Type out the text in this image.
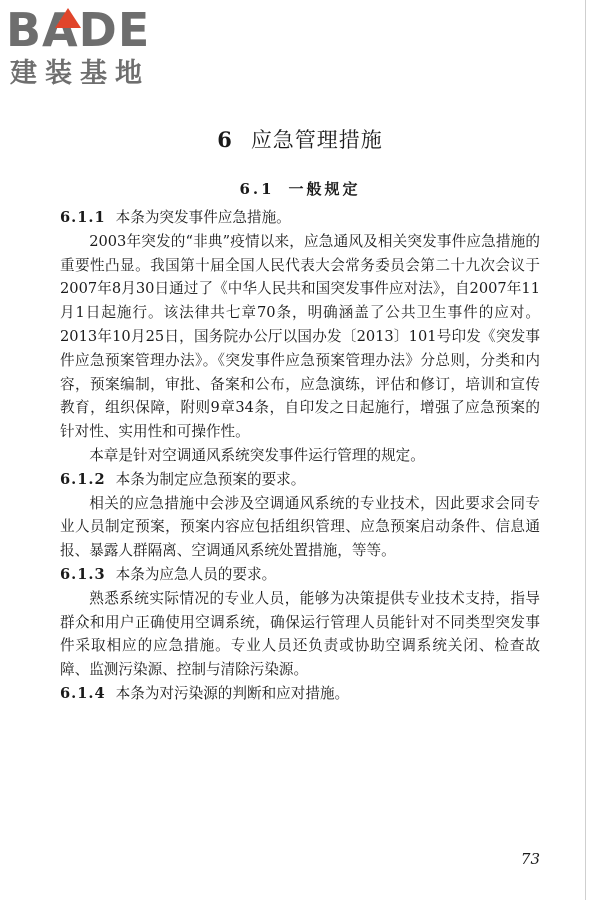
BADE
建装基地
6 应急管理措施
6.1 一般规定

6.1.1 本条为突发事件应急措施。

2003年突发的“非典”疫情以来，应急通风及相关突发事件应急措施的重要性凸显。我国第十届全国人民代表大会常务委员会第二十九次会议于2007年8月30日通过了《中华人民共和国突发事件应对法》，自2007年11月1日起施行。该法律共七章70条，明确涵盖了公共卫生事件的应对。2013年10月25日，国务院办公厅以国办发〔2013〕101号印发《突发事件应急预案管理办法》。《突发事件应急预案管理办法》分总则，分类和内容，预案编制，审批、备案和公布，应急演练，评估和修订，培训和宣传教育，组织保障，附则9章34条，自印发之日起施行，增强了应急预案的针对性、实用性和可操作性。

本章是针对空调通风系统突发事件运行管理的规定。

6.1.2 本条为制定应急预案的要求。

相关的应急措施中会涉及空调通风系统的专业技术，因此要求会同专业人员制定预案，预案内容应包括组织管理、应急预案启动条件、信息通报、暴露人群隔离、空调通风系统处置措施，等等。

6.1.3 本条为应急人员的要求。

熟悉系统实际情况的专业人员，能够为决策提供专业技术支持，指导群众和用户正确使用空调系统，确保运行管理人员能针对不同类型突发事件采取相应的应急措施。专业人员还负责或协助空调系统关闭、检查故障、监测污染源、控制与清除污染源。

6.1.4 本条为对污染源的判断和应对措施。

73
